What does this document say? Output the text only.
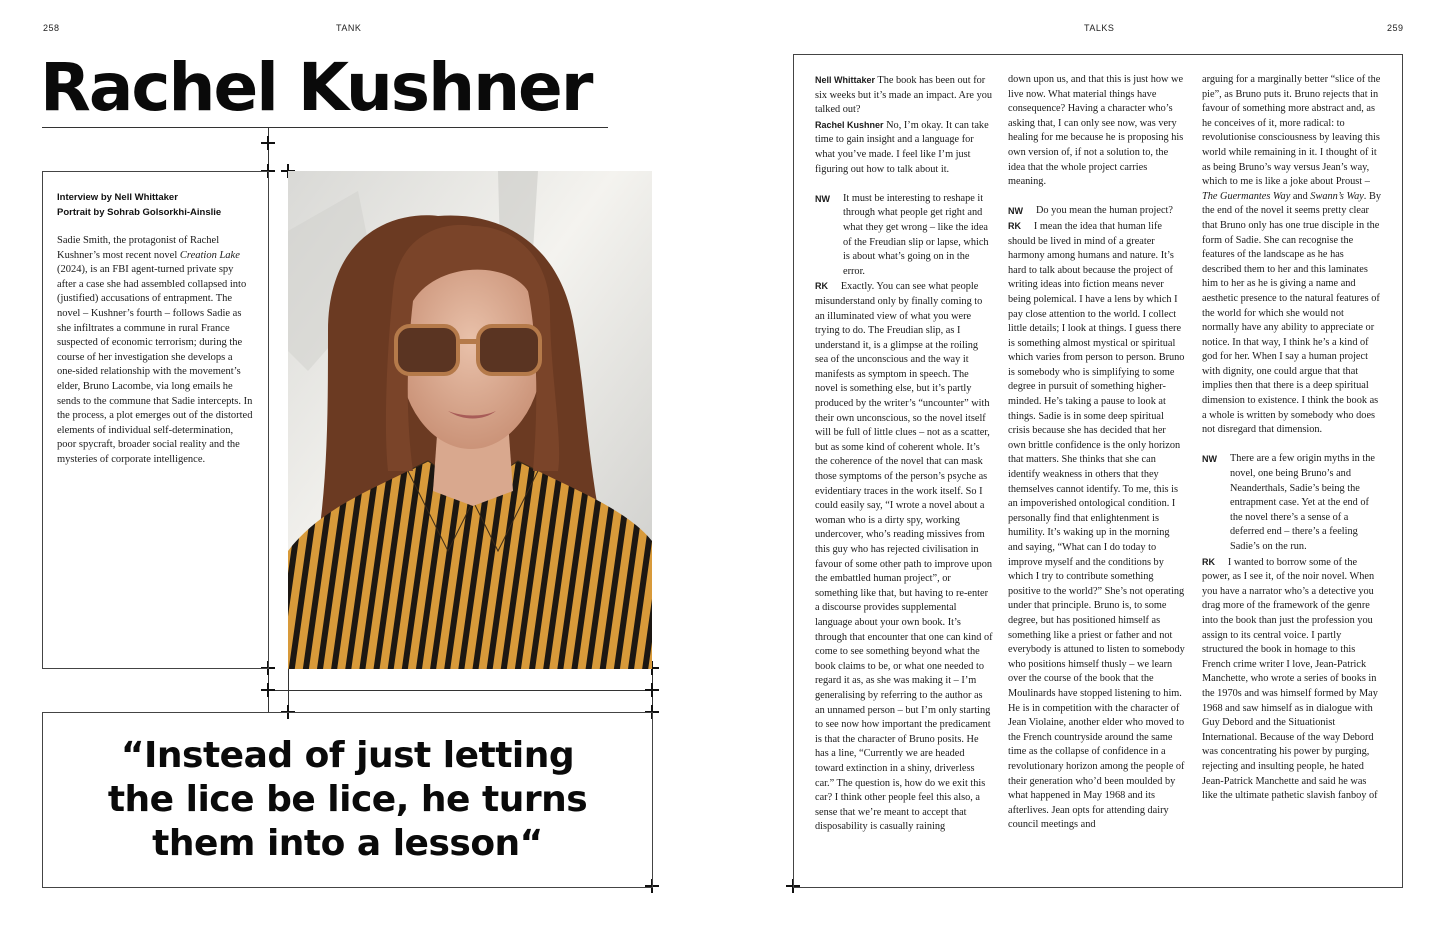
258	TANK	TALKS	259
Rachel Kushner
Interview by Nell Whittaker
Portrait by Sohrab Golsorkhi-Ainslie
Sadie Smith, the protagonist of Rachel Kushner’s most recent novel Creation Lake (2024), is an FBI agent-turned private spy after a case she had assembled collapsed into (justified) accusations of entrapment. The novel – Kushner’s fourth – follows Sadie as she infiltrates a commune in rural France suspected of economic terrorism; during the course of her investigation she develops a one-sided relationship with the movement’s elder, Bruno Lacombe, via long emails he sends to the commune that Sadie intercepts. In the process, a plot emerges out of the distorted elements of individual self-determination, poor spycraft, broader social reality and the mysteries of corporate intelligence.
“Instead of just letting the lice be lice, he turns them into a lesson“

Nell Whittaker The book has been out for six weeks but it’s made an impact. Are you talked out?

Rachel Kushner No, I’m okay. It can take time to gain insight and a language for what you’ve made. I feel like I’m just figuring out how to talk about it.

NW It must be interesting to reshape it through what people get right and what they get wrong – like the idea of the Freudian slip or lapse, which is about what’s going on in the error.

RK Exactly. You can see what people misunderstand only by finally coming to an illuminated view of what you were trying to do. The Freudian slip, as I understand it, is a glimpse at the roiling sea of the unconscious and the way it manifests as symptom in speech. The novel is something else, but it’s partly produced by the writer’s “uncounter” with their own unconscious, so the novel itself will be full of little clues – not as a scatter, but as some kind of coherent whole. It’s the coherence of the novel that can mask those symptoms of the person’s psyche as evidentiary traces in the work itself. So I could easily say, “I wrote a novel about a woman who is a dirty spy, working undercover, who’s reading missives from this guy who has rejected civilisation in favour of some other path to improve upon the embattled human project”, or something like that, but having to re-enter a discourse provides supplemental language about your own book. It’s through that encounter that one can kind of come to see something beyond what the book claims to be, or what one needed to regard it as, as she was making it – I’m generalising by referring to the author as an unnamed person – but I’m only starting to see now how important the predicament is that the character of Bruno posits. He has a line, “Currently we are headed toward extinction in a shiny, driverless car.” The question is, how do we exit this car? I think other people feel this also, a sense that we’re meant to accept that disposability is casually raining

down upon us, and that this is just how we live now. What material things have consequence? Having a character who’s asking that, I can only see now, was very healing for me because he is proposing his own version of, if not a solution to, the idea that the whole project carries meaning.

NW Do you mean the human project?

RK I mean the idea that human life should be lived in mind of a greater harmony among humans and nature. It’s hard to talk about because the project of writing ideas into fiction means never being polemical. I have a lens by which I pay close attention to the world. I collect little details; I look at things. I guess there is something almost mystical or spiritual which varies from person to person. Bruno is somebody who is simplifying to some degree in pursuit of something higher-minded. He’s taking a pause to look at things. Sadie is in some deep spiritual crisis because she has decided that her own brittle confidence is the only horizon that matters. She thinks that she can identify weakness in others that they themselves cannot identify. To me, this is an impoverished ontological condition. I personally find that enlightenment is humility. It’s waking up in the morning and saying, “What can I do today to improve myself and the conditions by which I try to contribute something positive to the world?” She’s not operating under that principle. Bruno is, to some degree, but has positioned himself as something like a priest or father and not everybody is attuned to listen to somebody who positions himself thusly – we learn over the course of the book that the Moulinards have stopped listening to him. He is in competition with the character of Jean Violaine, another elder who moved to the French countryside around the same time as the collapse of confidence in a revolutionary horizon among the people of their generation who’d been moulded by what happened in May 1968 and its afterlives. Jean opts for attending dairy council meetings and

arguing for a marginally better “slice of the pie”, as Bruno puts it. Bruno rejects that in favour of something more abstract and, as he conceives of it, more radical: to revolutionise consciousness by leaving this world while remaining in it. I thought of it as being Bruno’s way versus Jean’s way, which to me is like a joke about Proust – The Guermantes Way and Swann’s Way. By the end of the novel it seems pretty clear that Bruno only has one true disciple in the form of Sadie. She can recognise the features of the landscape as he has described them to her and this laminates him to her as he is giving a name and aesthetic presence to the natural features of the world for which she would not normally have any ability to appreciate or notice. In that way, I think he’s a kind of god for her. When I say a human project with dignity, one could argue that that implies then that there is a deep spiritual dimension to existence. I think the book as a whole is written by somebody who does not disregard that dimension.

NW There are a few origin myths in the novel, one being Bruno’s and Neanderthals, Sadie’s being the entrapment case. Yet at the end of the novel there’s a sense of a deferred end – there’s a feeling Sadie’s on the run.

RK I wanted to borrow some of the power, as I see it, of the noir novel. When you have a narrator who’s a detective you drag more of the framework of the genre into the book than just the profession you assign to its central voice. I partly structured the book in homage to this French crime writer I love, Jean-Patrick Manchette, who wrote a series of books in the 1970s and was himself formed by May 1968 and saw himself as in dialogue with Guy Debord and the Situationist International. Because of the way Debord was concentrating his power by purging, rejecting and insulting people, he hated Jean-Patrick Manchette and said he was like the ultimate pathetic slavish fanboy of
